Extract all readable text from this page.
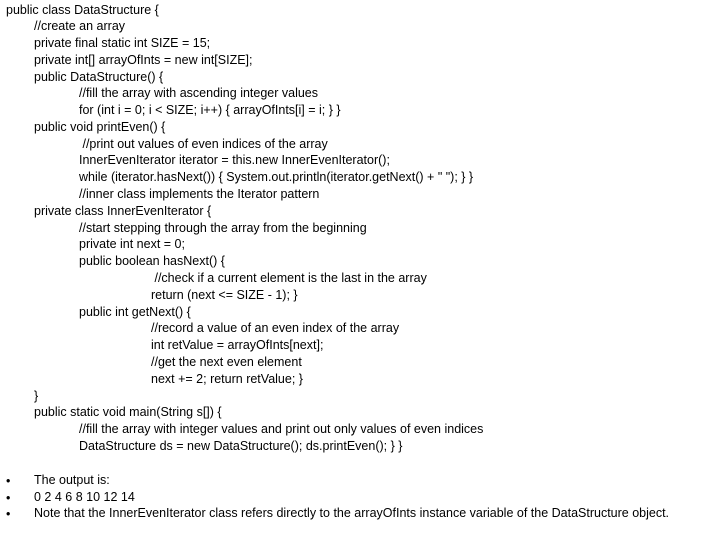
public class DataStructure {
//create an array
private final static int SIZE = 15;
private int[] arrayOfInts = new int[SIZE];
public DataStructure() {
//fill the array with ascending integer values
for (int i = 0; i < SIZE; i++) { arrayOfInts[i] = i; } }
public void printEven() {
//print out values of even indices of the array
InnerEvenIterator iterator = this.new InnerEvenIterator();
while (iterator.hasNext()) { System.out.println(iterator.getNext() + " "); } }
//inner class implements the Iterator pattern
private class InnerEvenIterator {
//start stepping through the array from the beginning
private int next = 0;
public boolean hasNext() {
//check if a current element is the last in the array
return (next <= SIZE - 1); }
public int getNext() {
//record a value of an even index of the array
int retValue = arrayOfInts[next];
//get the next even element
next += 2; return retValue; }
}
public static void main(String s[]) {
//fill the array with integer values and print out only values of even indices
DataStructure ds = new DataStructure(); ds.printEven(); } }
• The output is:
• 0 2 4 6 8 10 12 14
• Note that the InnerEvenIterator class refers directly to the arrayOfInts instance variable of the DataStructure object.
